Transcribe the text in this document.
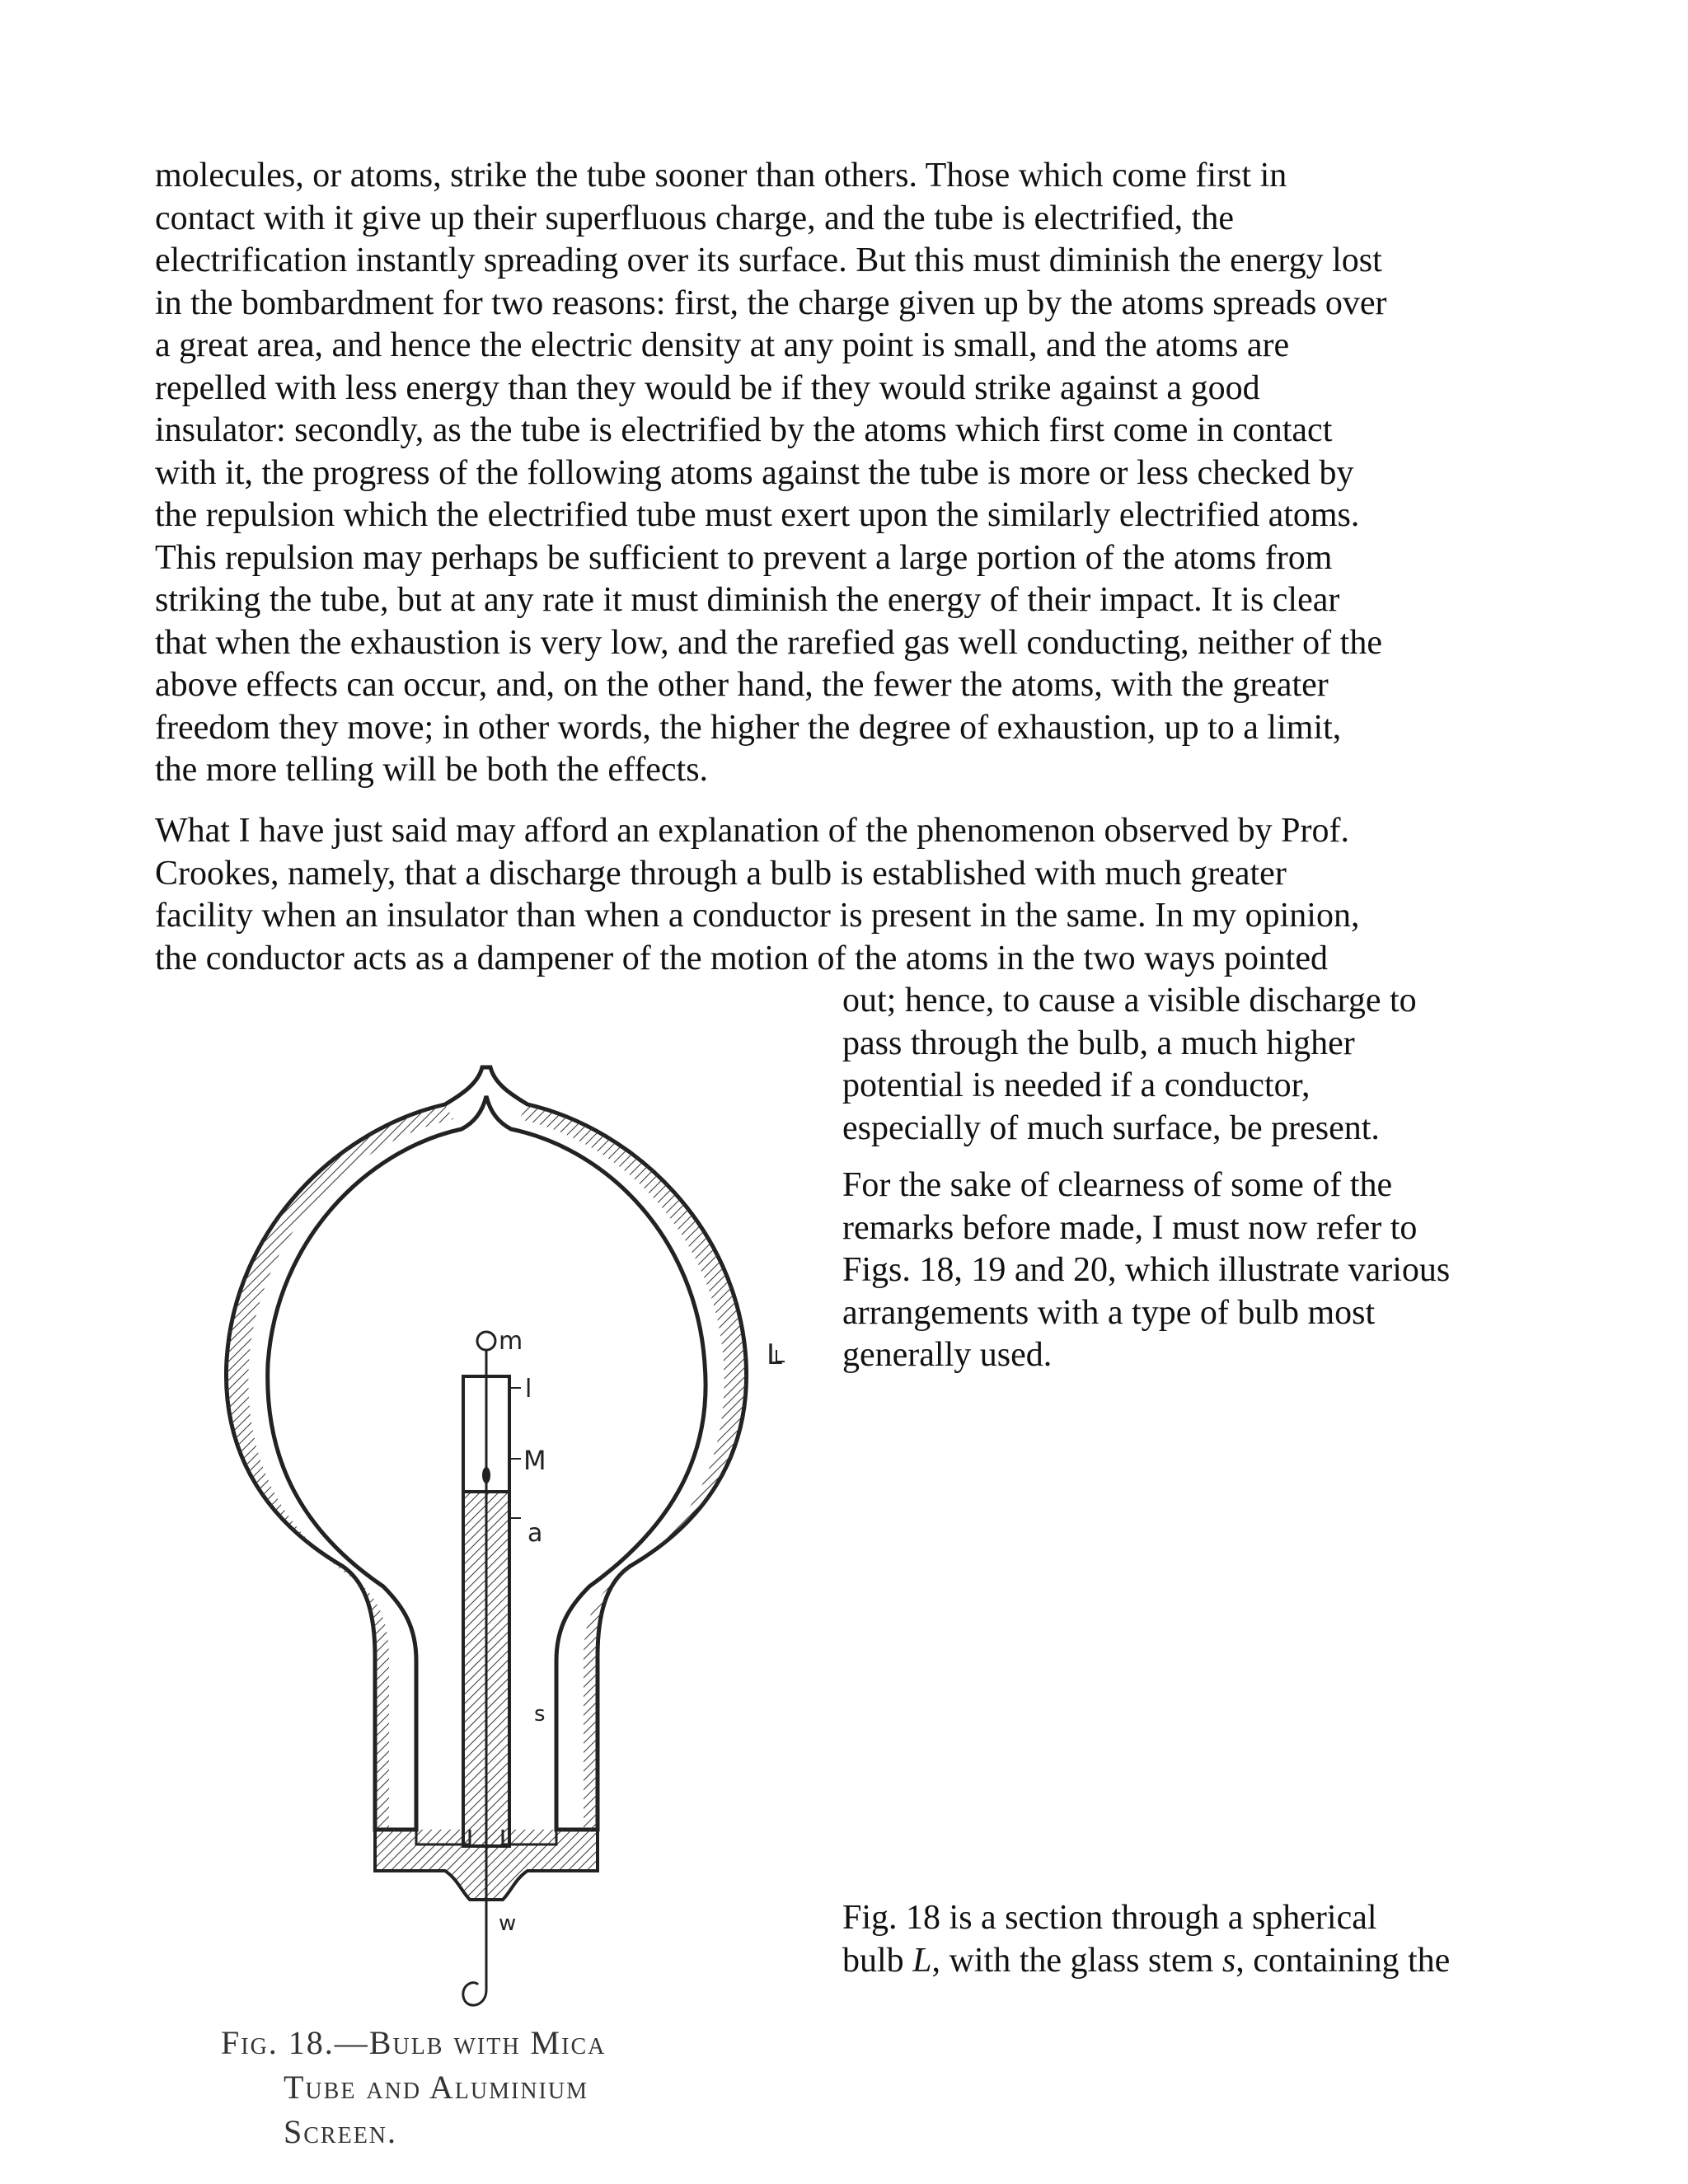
molecules, or atoms, strike the tube sooner than others. Those which come first in
contact with it give up their superfluous charge, and the tube is electrified, the
electrification instantly spreading over its surface. But this must diminish the energy lost
in the bombardment for two reasons: first, the charge given up by the atoms spreads over
a great area, and hence the electric density at any point is small, and the atoms are
repelled with less energy than they would be if they would strike against a good
insulator: secondly, as the tube is electrified by the atoms which first come in contact
with it, the progress of the following atoms against the tube is more or less checked by
the repulsion which the electrified tube must exert upon the similarly electrified atoms.
This repulsion may perhaps be sufficient to prevent a large portion of the atoms from
striking the tube, but at any rate it must diminish the energy of their impact. It is clear
that when the exhaustion is very low, and the rarefied gas well conducting, neither of the
above effects can occur, and, on the other hand, the fewer the atoms, with the greater
freedom they move; in other words, the higher the degree of exhaustion, up to a limit,
the more telling will be both the effects.

What I have just said may afford an explanation of the phenomenon observed by Prof.
Crookes, namely, that a discharge through a bulb is established with much greater
facility when an insulator than when a conductor is present in the same. In my opinion,
the conductor acts as a dampener of the motion of the atoms in the two ways pointed

out; hence, to cause a visible discharge to
pass through the bulb, a much higher
potential is needed if a conductor,
especially of much surface, be present.

For the sake of clearness of some of the
remarks before made, I must now refer to
Figs. 18, 19 and 20, which illustrate various
arrangements with a type of bulb most
generally used.

Fig. 18 is a section through a spherical
bulb L, with the glass stem s, containing the

L
m
l
M
a
s
w
Fig. 18.—Bulb with Mica
Tube and Aluminium
Screen.
